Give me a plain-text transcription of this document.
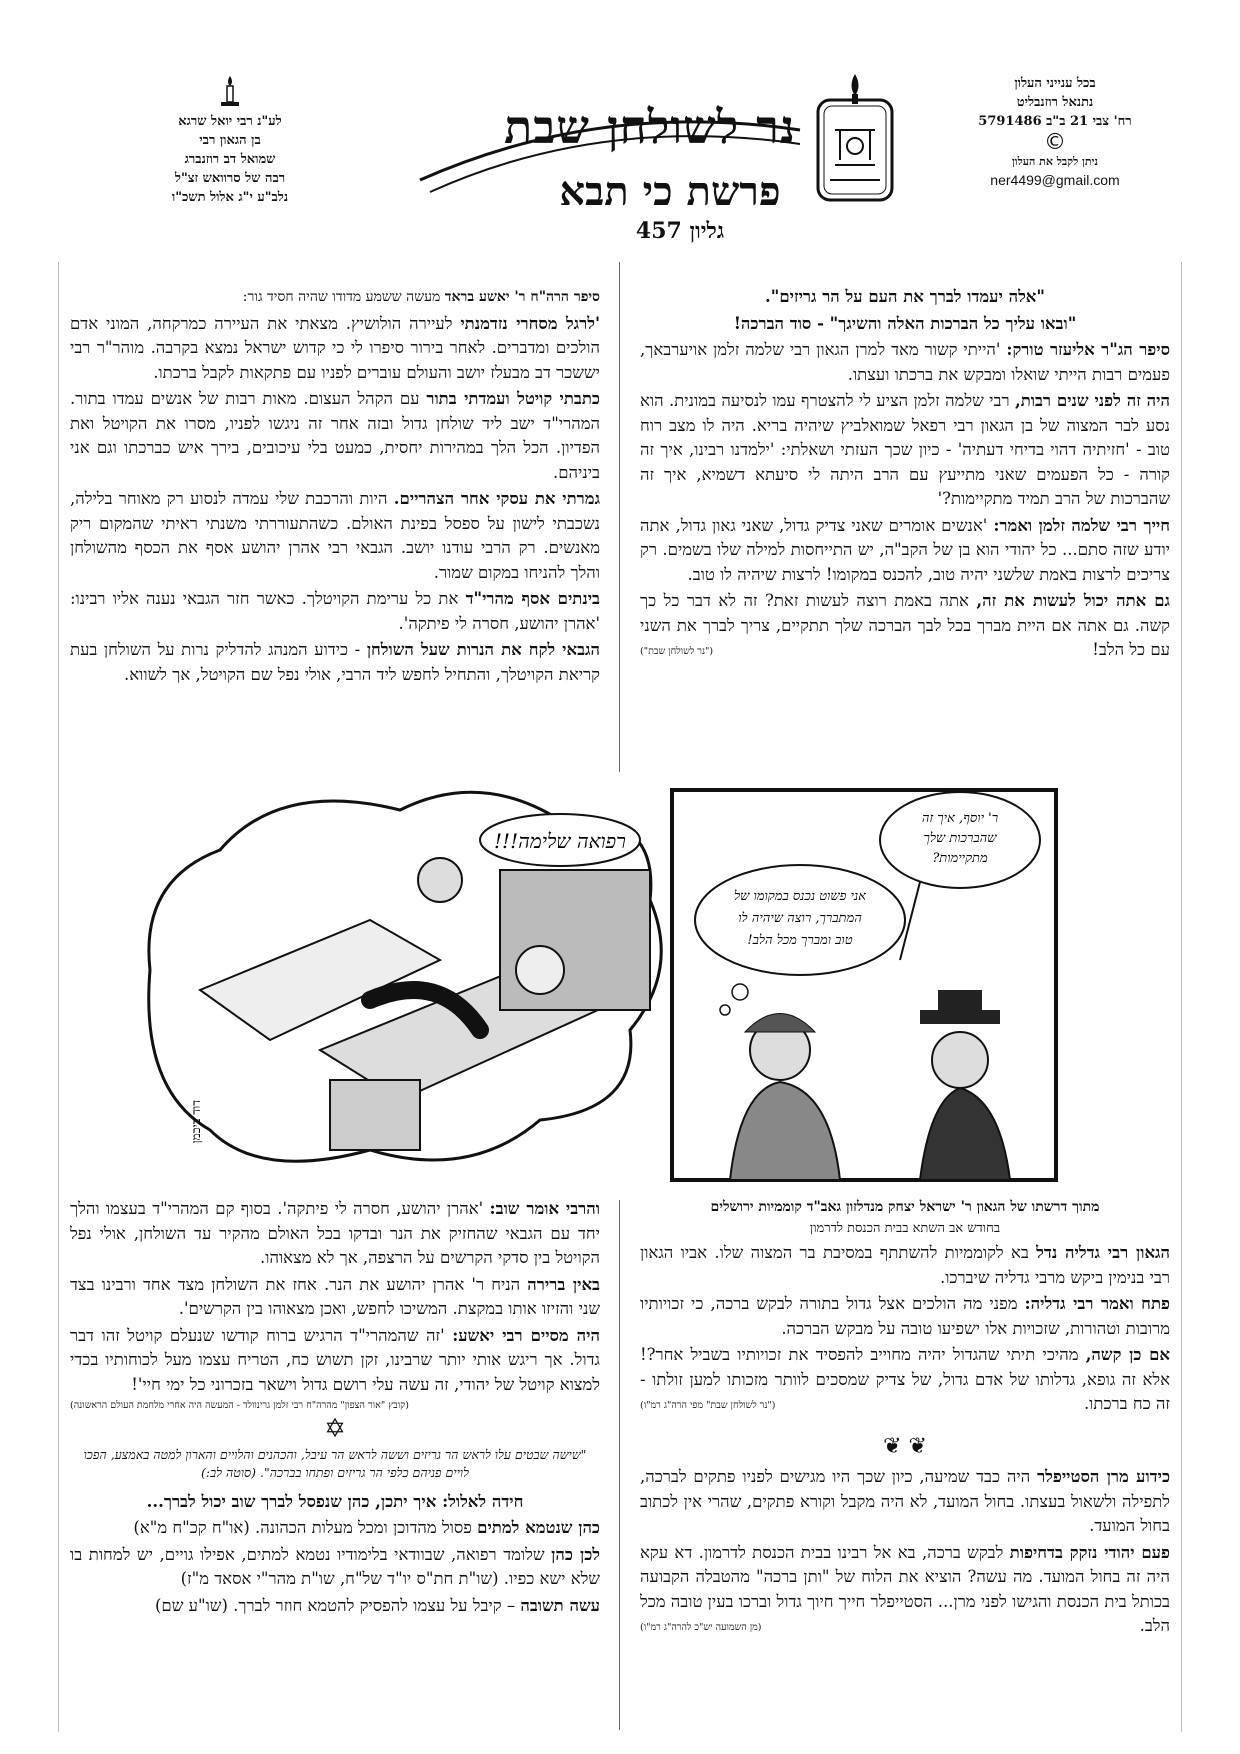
בכל ענייני העלון
נתנאל רוזנבליט
רח' צבי 21 ב"ב 5791486
©
ניתן לקבל את העלון
ner4499@gmail.com
נר לשולחן שבת
פרשת כי תבא
גליון 457
לע"נ רבי יואל שרגא
בן הגאון רבי
שמואל דב רוזנברג
רבה של סרוואש זצ"ל
נלב"ע י"ג אלול תשכ"ו

"אלה יעמדו לברך את העם על הר גריזים".

"ובאו עליך כל הברכות האלה והשיגך" - סוד הברכה!

סיפר הג"ר אליעזר טורק: 'הייתי קשור מאד למרן הגאון רבי שלמה זלמן אויערבאך, פעמים רבות הייתי שואלו ומבקש את ברכתו ועצתו.

היה זה לפני שנים רבות, רבי שלמה זלמן הציע לי להצטרף עמו לנסיעה במונית. הוא נסע לבר המצוה של בן הגאון רבי רפאל שמואלביץ שיהיה בריא. היה לו מצב רוח טוב - 'חזיתיה דהוי בדיחי דעתיה' - כיון שכך העזתי ושאלתי: 'ילמדנו רבינו, איך זה קורה - כל הפעמים שאני מתייעץ עם הרב היתה לי סיעתא דשמיא, איך זה שהברכות של הרב תמיד מתקיימות?'

חייך רבי שלמה זלמן ואמר: 'אנשים אומרים שאני צדיק גדול, שאני גאון גדול, אתה יודע שזה סתם... כל יהודי הוא בן של הקב"ה, יש התייחסות למילה שלו בשמים. רק צריכים לרצות באמת שלשני יהיה טוב, להכנס במקומו! לרצות שיהיה לו טוב.

גם אתה יכול לעשות את זה, אתה באמת רוצה לעשות זאת? זה לא דבר כל כך קשה. גם אתה אם היית מברך בכל לבך הברכה שלך תתקיים, צריך לברך את השני עם כל הלב!
("נר לשולחן שבת")

סיפר הרה"ח ר' יאשע בראד מעשה ששמע מדודו שהיה חסיד גור:

'לרגל מסחרי נזדמנתי לעיירה הולושיץ. מצאתי את העיירה כמרקחה, המוני אדם הולכים ומדברים. לאחר בירור סיפרו לי כי קדוש ישראל נמצא בקרבה. מוהר"ר רבי יששכר דב מבעלז יושב והעולם עוברים לפניו עם פתקאות לקבל ברכתו.

כתבתי קויטל ועמדתי בתור עם הקהל העצום. מאות רבות של אנשים עמדו בתור. המהרי"ד ישב ליד שולחן גדול ובזה אחר זה ניגשו לפניו, מסרו את הקויטל ואת הפדיון. הכל הלך במהירות יחסית, כמעט בלי עיכובים, בירך איש כברכתו וגם אני ביניהם.

גמרתי את עסקי אחר הצהריים. היות והרכבת שלי עמדה לנסוע רק מאוחר בלילה, נשכבתי לישון על ספסל בפינת האולם. כשהתעוררתי משנתי ראיתי שהמקום ריק מאנשים. רק הרבי עודנו יושב. הגבאי רבי אהרן יהושע אסף את הכסף מהשולחן והלך להניחו במקום שמור.

בינתים אסף מהרי"ד את כל ערימת הקויטלך. כאשר חזר הגבאי נענה אליו רבינו: 'אהרן יהושע, חסרה לי פיתקה'.

הגבאי לקח את הנרות שעל השולחן - כידוע המנהג להדליק נרות על השולחן בעת קריאת הקויטלך, והתחיל לחפש ליד הרבי, אולי נפל שם הקויטל, אך לשווא.

ר' יוסף, איך זה
שהברכות שלך
מתקיימות?
אני פשוט נכנס במקומו של
המתברך, רוצה שיהיה לו
טוב ומברך מכל הלב!
רפואה שלימה!!!
דוד ביכמן

מתוך דרשתו של הגאון ר' ישראל יצחק מנדלזון גאב"ד קוממיות ירושלים

בחודש אב השתא בבית הכנסת לדרמון

הגאון רבי גדליה נדל בא לקוממיות להשתתף במסיבת בר המצוה שלו. אביו הגאון רבי בנימין ביקש מרבי גדליה שיברכו.

פתח ואמר רבי גדליה: מפני מה הולכים אצל גדול בתורה לבקש ברכה, כי זכויותיו מרובות וטהורות, שזכויות אלו ישפיעו טובה על מבקש הברכה.

אם כן קשה, מהיכי תיתי שהגדול יהיה מחוייב להפסיד את זכויותיו בשביל אחר?! אלא זה גופא, גדלותו של אדם גדול, של צדיק שמסכים לוותר מזכותו למען זולתו - זה כח ברכתו.
("נר לשולחן שבת" מפי הרה"ג רמ"ו)

❦ ❦

כידוע מרן הסטייפלר היה כבד שמיעה, כיון שכך היו מגישים לפניו פתקים לברכה, לתפילה ולשאול בעצתו. בחול המועד, לא היה מקבל וקורא פתקים, שהרי אין לכתוב בחול המועד.

פעם יהודי נזקק בדחיפות לבקש ברכה, בא אל רבינו בבית הכנסת לדרמון. דא עקא היה זה בחול המועד. מה עשה? הוציא את הלוח של "ותן ברכה" מהטבלה הקבועה בכותל בית הכנסת והגישו לפני מרן... הסטייפלר חייך חיוך גדול וברכו בעין טובה מכל הלב.
(מן השמועה יש"כ להרה"ג רמ"ו)

והרבי אומר שוב: 'אהרן יהושע, חסרה לי פיתקה'. בסוף קם המהרי"ד בעצמו והלך יחד עם הגבאי שהחזיק את הנר ובדקו בכל האולם מהקיר עד השולחן, אולי נפל הקויטל בין סדקי הקרשים על הרצפה, אך לא מצאוהו.

באין ברירה הניח ר' אהרן יהושע את הנר. אחז את השולחן מצד אחד ורבינו בצד שני והזיזו אותו במקצת. המשיכו לחפש, ואכן מצאוהו בין הקרשים'.

היה מסיים רבי יאשע: 'זה שהמהרי"ד הרגיש ברוח קודשו שנעלם קויטל זהו דבר גדול. אך ריגש אותי יותר שרבינו, זקן תשוש כח, הטריח עצמו מעל לכוחותיו בכדי למצוא קויטל של יהודי, זה עשה עלי רושם גדול וישאר בזכרוני כל ימי חיי'!

(קובץ "אור הצפון" מהרה"ח רבי זלמן גרינוולד - המעשה היה אחרי מלחמת העולם הראשונה)

✡

"שישה שבטים עלו לראש הר גריזים וששה לראש הר עיבל, והכהנים והלויים והארון למטה באמצע, הפכו לויים פניהם כלפי הר גריזים ופתחו בברכה". (סוטה לב:)

חידה לאלול: איך יתכן, כהן שנפסל לברך שוב יכול לברך...

כהן שנטמא למתים פסול מהדוכן ומכל מעלות הכהונה. (או"ח קכ"ח מ"א)

לכן כהן שלומד רפואה, שבוודאי בלימודיו נטמא למתים, אפילו גויים, יש למחות בו שלא ישא כפיו. (שו"ת חת"ס יו"ד של"ח, שו"ת מהר"י אסאד מ"ז)

עשה תשובה – קיבל על עצמו להפסיק להטמא חוזר לברך. (שו"ע שם)
